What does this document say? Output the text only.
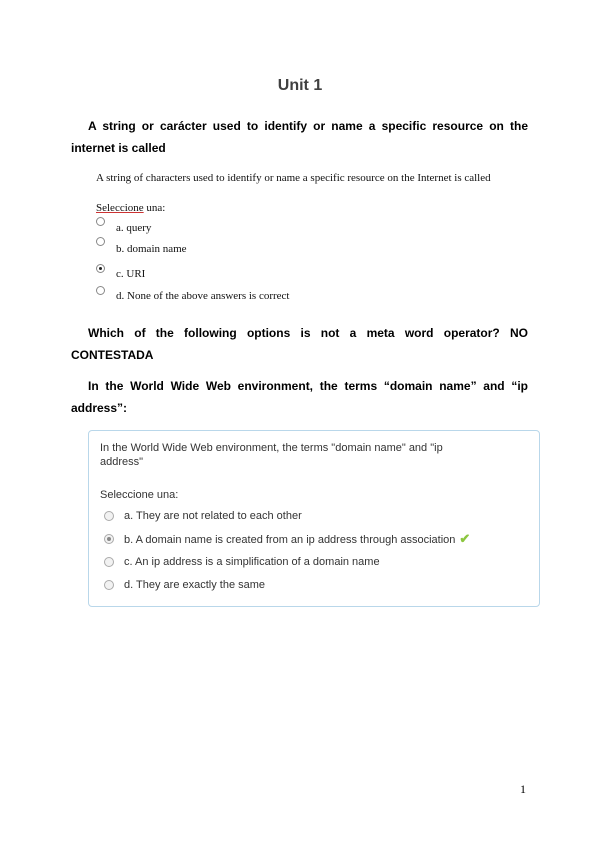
Unit 1
A string or carácter used to identify or name a specific resource on the internet is called
A string of characters used to identify or name a specific resource on the Internet is called
Seleccione una:
a. query
b. domain name
c. URI
d. None of the above answers is correct
Which of the following options is not a meta word operator? NO CONTESTADA
In the World Wide Web environment, the terms “domain name” and “ip address”:
In the World Wide Web environment, the terms "domain name" and "ip address"
Seleccione una:
a. They are not related to each other
b. A domain name is created from an ip address through association ✔
c. An ip address is a simplification of a domain name
d. They are exactly the same
1
